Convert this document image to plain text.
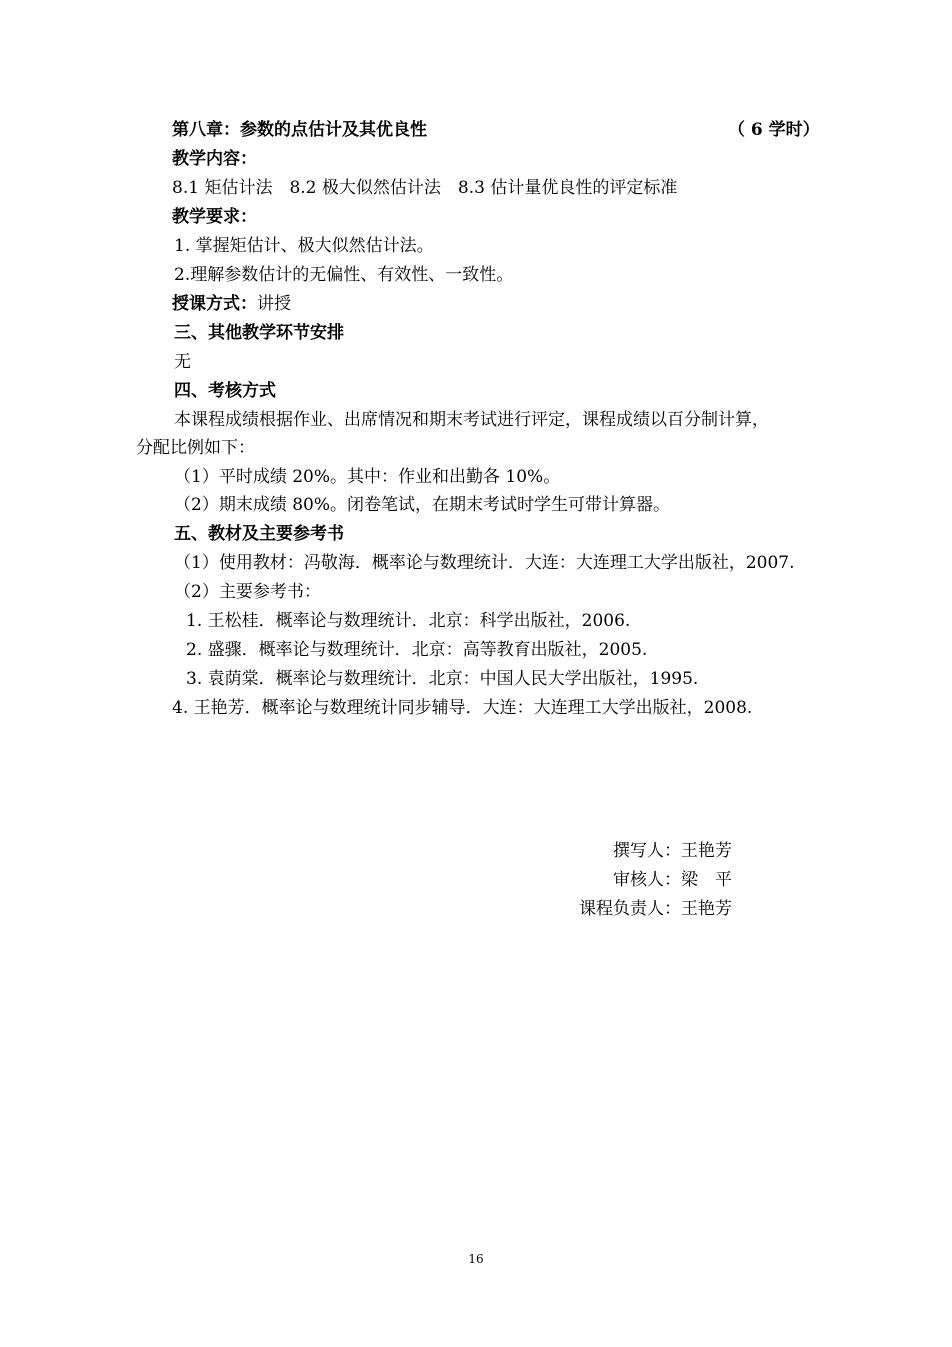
第八章：参数的点估计及其优良性	（ 6 学时）
教学内容：
8.1 矩估计法　8.2 极大似然估计法　8.3 估计量优良性的评定标准
教学要求：
1. 掌握矩估计、极大似然估计法。
2.理解参数估计的无偏性、有效性、一致性。
授课方式：讲授
三、其他教学环节安排
无
四、考核方式
本课程成绩根据作业、出席情况和期末考试进行评定，课程成绩以百分制计算，
分配比例如下：
（1）平时成绩 20%。其中：作业和出勤各 10%。
（2）期末成绩 80%。闭卷笔试，在期末考试时学生可带计算器。
五、教材及主要参考书
（1）使用教材：冯敬海．概率论与数理统计．大连：大连理工大学出版社，2007.
（2）主要参考书：
1. 王松桂．概率论与数理统计．北京：科学出版社，2006.
2. 盛骤．概率论与数理统计．北京：高等教育出版社，2005.
3. 袁荫棠．概率论与数理统计．北京：中国人民大学出版社，1995.
4. 王艳芳．概率论与数理统计同步辅导．大连：大连理工大学出版社，2008.
撰写人：王艳芳
审核人：梁　平
课程负责人：王艳芳
16
